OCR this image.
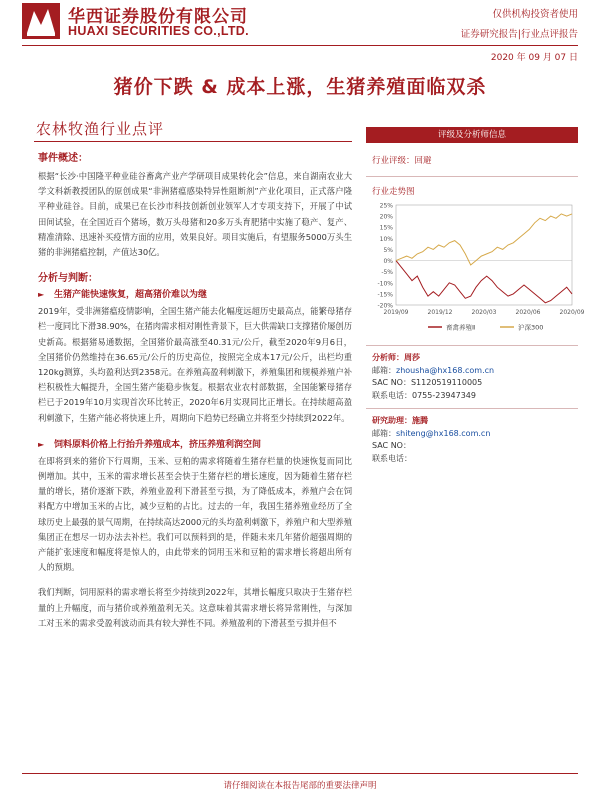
华西证券股份有限公司
HUAXI SECURITIES CO.,LTD.
仅供机构投资者使用
证券研究报告|行业点评报告
2020 年 09 月 07 日
猪价下跌 & 成本上涨，生猪养殖面临双杀
农林牧渔行业点评
事件概述：
根据“长沙·中国隆平种业硅谷畜禽产业产学研项目成果转化会”信息，来自湖南农业大学文科新教授团队的原创成果“非洲猪瘟感染特异性阻断剂”产业化项目，正式落户隆平种业硅谷。目前，成果已在长沙市科技创新创业领军人才专项支持下，开展了中试田间试验，在全国近百个猪场，数万头母猪和20多万头育肥猪中实施了稳产、复产、精准清除、迅速补买疫情方面的应用，效果良好。项目实施后，有望服务5000万头生猪的非洲猪瘟控制，产值达30亿。
分析与判断：
► 生猪产能快速恢复，超高猪价难以为继
2019年，受非洲猪瘟疫情影响，全国生猪产能去化幅度远超历史最高点，能繁母猪存栏一度同比下滑38.90%，在猪肉需求相对刚性背景下，巨大供需缺口支撑猪价屡创历史新高。根据猪易通数据，全国猪价最高涨至40.31元/公斤，截至2020年9月6日，全国猪价仍然维持在36.65元/公斤的历史高位，按照完全成本17元/公斤，出栏均重120kg测算，头均盈利达到2358元。在养殖高盈利刺激下，养殖集团和规模养殖户补栏积极性大幅提升，全国生猪产能稳步恢复。根据农业农村部数据，全国能繁母猪存栏已于2019年10月实现首次环比转正，2020年6月实现同比正增长。在持续超高盈利刺激下，生猪产能必将快速上升，周期向下趋势已经确立并将至少持续到2022年。
► 饲料原料价格上行抬升养殖成本，挤压养殖利润空间
在即将到来的猪价下行周期，玉米、豆粕的需求将随着生猪存栏量的快速恢复而同比例增加。其中，玉米的需求增长甚至会快于生猪存栏的增长速度，因为随着生猪存栏量的增长，猪价逐渐下跌，养殖业盈利下滑甚至亏损，为了降低成本，养殖户会在饲料配方中增加玉米的占比，减少豆粕的占比。过去的一年，我国生猪养殖业经历了全球历史上最强的景气周期，在持续高达2000元的头均盈利刺激下，养殖户和大型养殖集团正在想尽一切办法去补栏。我们可以预料到的是，伴随未来几年猪价超强周期的产能扩张速度和幅度将是惊人的，由此带来的饲用玉米和豆粕的需求增长将超出所有人的预期。
我们判断，饲用原料的需求增长将至少持续到2022年，其增长幅度只取决于生猪存栏量的上升幅度，而与猪价或养殖盈利无关。这意味着其需求增长将异常刚性，与深加工对玉米的需求受盈利波动而具有较大弹性不同。养殖盈利的下滑甚至亏损并但不
评级及分析师信息
行业评级：回避
行业走势图
25%
20%
15%
10%
5%
0%
-5%
-10%
-15%
-20%
2019/09	2019/12	2020/03	2020/06	2020/09
畜禽养殖Ⅱ	沪深300
分析师：周莎
邮箱：zhousha@hx168.com.cn
SAC NO：S1120519110005
联系电话：0755-23947349
研究助理：施腾
邮箱：shiteng@hx168.com.cn
SAC NO：
联系电话：
请仔细阅读在本报告尾部的重要法律声明
